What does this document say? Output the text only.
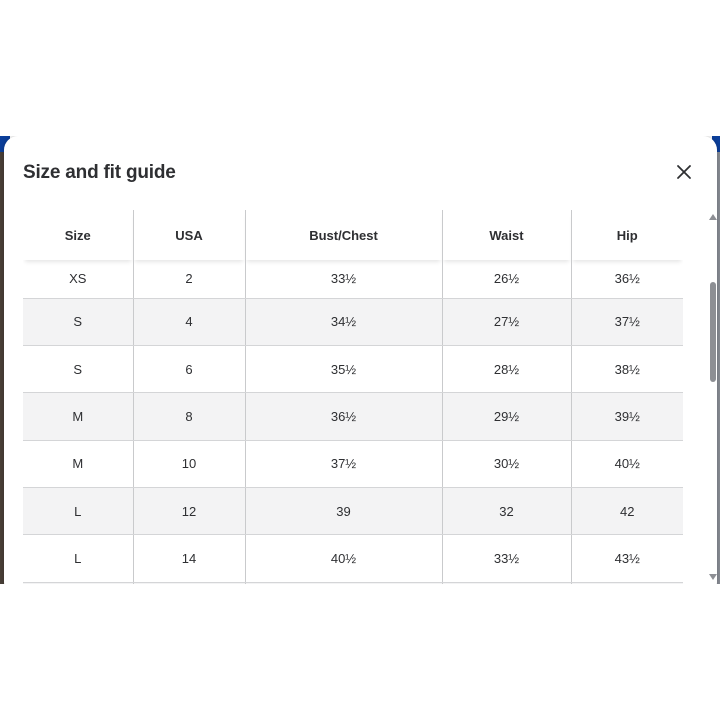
Size and fit guide
Size	USA	Bust/Chest	Waist	Hip
XS	2	33½	26½	36½
S	4	34½	27½	37½
S	6	35½	28½	38½
M	8	36½	29½	39½
M	10	37½	30½	40½
L	12	39	32	42
L	14	40½	33½	43½
